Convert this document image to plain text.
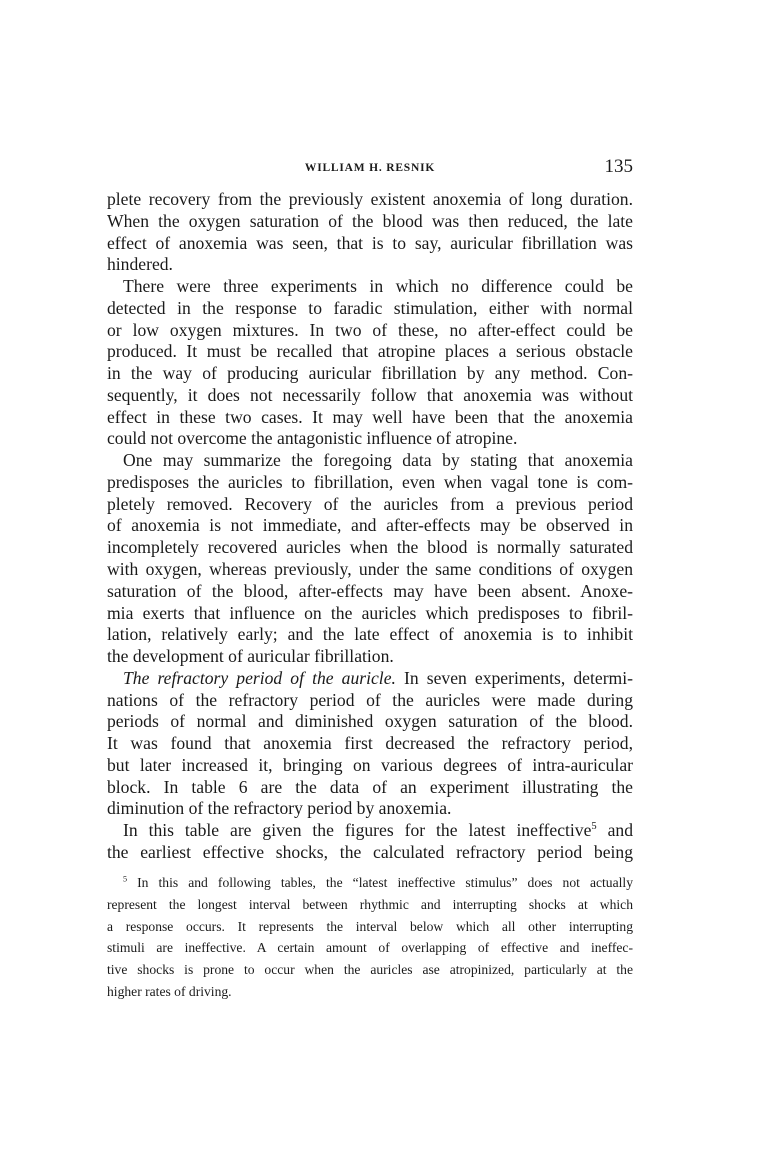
WILLIAM H. RESNIK	135
plete recovery from the previously existent anoxemia of long duration.
When the oxygen saturation of the blood was then reduced, the late
effect of anoxemia was seen, that is to say, auricular fibrillation was
hindered.
There were three experiments in which no difference could be
detected in the response to faradic stimulation, either with normal
or low oxygen mixtures. In two of these, no after-effect could be
produced. It must be recalled that atropine places a serious obstacle
in the way of producing auricular fibrillation by any method. Con-
sequently, it does not necessarily follow that anoxemia was without
effect in these two cases. It may well have been that the anoxemia
could not overcome the antagonistic influence of atropine.
One may summarize the foregoing data by stating that anoxemia
predisposes the auricles to fibrillation, even when vagal tone is com-
pletely removed. Recovery of the auricles from a previous period
of anoxemia is not immediate, and after-effects may be observed in
incompletely recovered auricles when the blood is normally saturated
with oxygen, whereas previously, under the same conditions of oxygen
saturation of the blood, after-effects may have been absent. Anoxe-
mia exerts that influence on the auricles which predisposes to fibril-
lation, relatively early; and the late effect of anoxemia is to inhibit
the development of auricular fibrillation.
The refractory period of the auricle. In seven experiments, determi-
nations of the refractory period of the auricles were made during
periods of normal and diminished oxygen saturation of the blood.
It was found that anoxemia first decreased the refractory period,
but later increased it, bringing on various degrees of intra-auricular
block. In table 6 are the data of an experiment illustrating the
diminution of the refractory period by anoxemia.
In this table are given the figures for the latest ineffective$^5$ and
the earliest effective shocks, the calculated refractory period being
$^5$ In this and following tables, the “latest ineffective stimulus” does not actually
represent the longest interval between rhythmic and interrupting shocks at which
a response occurs. It represents the interval below which all other interrupting
stimuli are ineffective. A certain amount of overlapping of effective and ineffec-
tive shocks is prone to occur when the auricles ase atropinized, particularly at the
higher rates of driving.
